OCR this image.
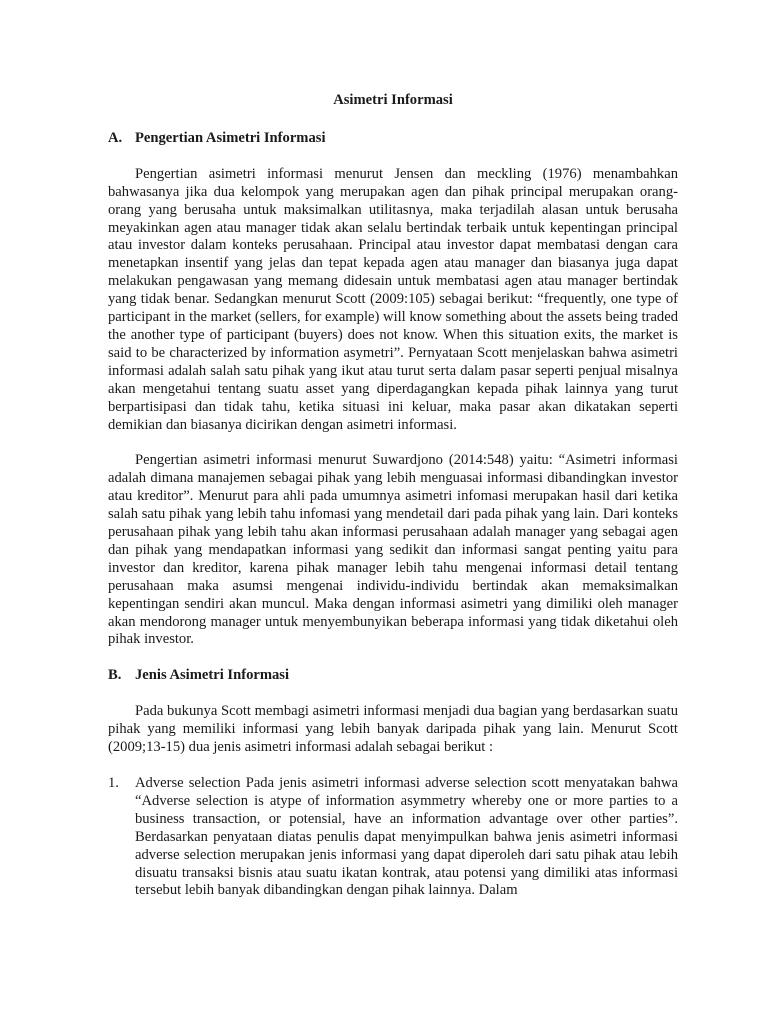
Asimetri Informasi
A. Pengertian Asimetri Informasi

Pengertian asimetri informasi menurut Jensen dan meckling (1976) menambahkan bahwasanya jika dua kelompok yang merupakan agen dan pihak principal merupakan orang-orang yang berusaha untuk maksimalkan utilitasnya, maka terjadilah alasan untuk berusaha meyakinkan agen atau manager tidak akan selalu bertindak terbaik untuk kepentingan principal atau investor dalam konteks perusahaan. Principal atau investor dapat membatasi dengan cara menetapkan insentif yang jelas dan tepat kepada agen atau manager dan biasanya juga dapat melakukan pengawasan yang memang didesain untuk membatasi agen atau manager bertindak yang tidak benar. Sedangkan menurut Scott (2009:105) sebagai berikut: “frequently, one type of participant in the market (sellers, for example) will know something about the assets being traded the another type of participant (buyers) does not know. When this situation exits, the market is said to be characterized by information asymetri”. Pernyataan Scott menjelaskan bahwa asimetri informasi adalah salah satu pihak yang ikut atau turut serta dalam pasar seperti penjual misalnya akan mengetahui tentang suatu asset yang diperdagangkan kepada pihak lainnya yang turut berpartisipasi dan tidak tahu, ketika situasi ini keluar, maka pasar akan dikatakan seperti demikian dan biasanya dicirikan dengan asimetri informasi.

Pengertian asimetri informasi menurut Suwardjono (2014:548) yaitu: “Asimetri informasi adalah dimana manajemen sebagai pihak yang lebih menguasai informasi dibandingkan investor atau kreditor”. Menurut para ahli pada umumnya asimetri infomasi merupakan hasil dari ketika salah satu pihak yang lebih tahu infomasi yang mendetail dari pada pihak yang lain. Dari konteks perusahaan pihak yang lebih tahu akan informasi perusahaan adalah manager yang sebagai agen dan pihak yang mendapatkan informasi yang sedikit dan informasi sangat penting yaitu para investor dan kreditor, karena pihak manager lebih tahu mengenai informasi detail tentang perusahaan maka asumsi mengenai individu-individu bertindak akan memaksimalkan kepentingan sendiri akan muncul. Maka dengan informasi asimetri yang dimiliki oleh manager akan mendorong manager untuk menyembunyikan beberapa informasi yang tidak diketahui oleh pihak investor.

B. Jenis Asimetri Informasi

Pada bukunya Scott membagi asimetri informasi menjadi dua bagian yang berdasarkan suatu pihak yang memiliki informasi yang lebih banyak daripada pihak yang lain. Menurut Scott (2009;13-15) dua jenis asimetri informasi adalah sebagai berikut :

1.	Adverse selection Pada jenis asimetri informasi adverse selection scott menyatakan bahwa “Adverse selection is atype of information asymmetry whereby one or more parties to a business transaction, or potensial, have an information advantage over other parties”. Berdasarkan penyataan diatas penulis dapat menyimpulkan bahwa jenis asimetri informasi adverse selection merupakan jenis informasi yang dapat diperoleh dari satu pihak atau lebih disuatu transaksi bisnis atau suatu ikatan kontrak, atau potensi yang dimiliki atas informasi tersebut lebih banyak dibandingkan dengan pihak lainnya. Dalam
